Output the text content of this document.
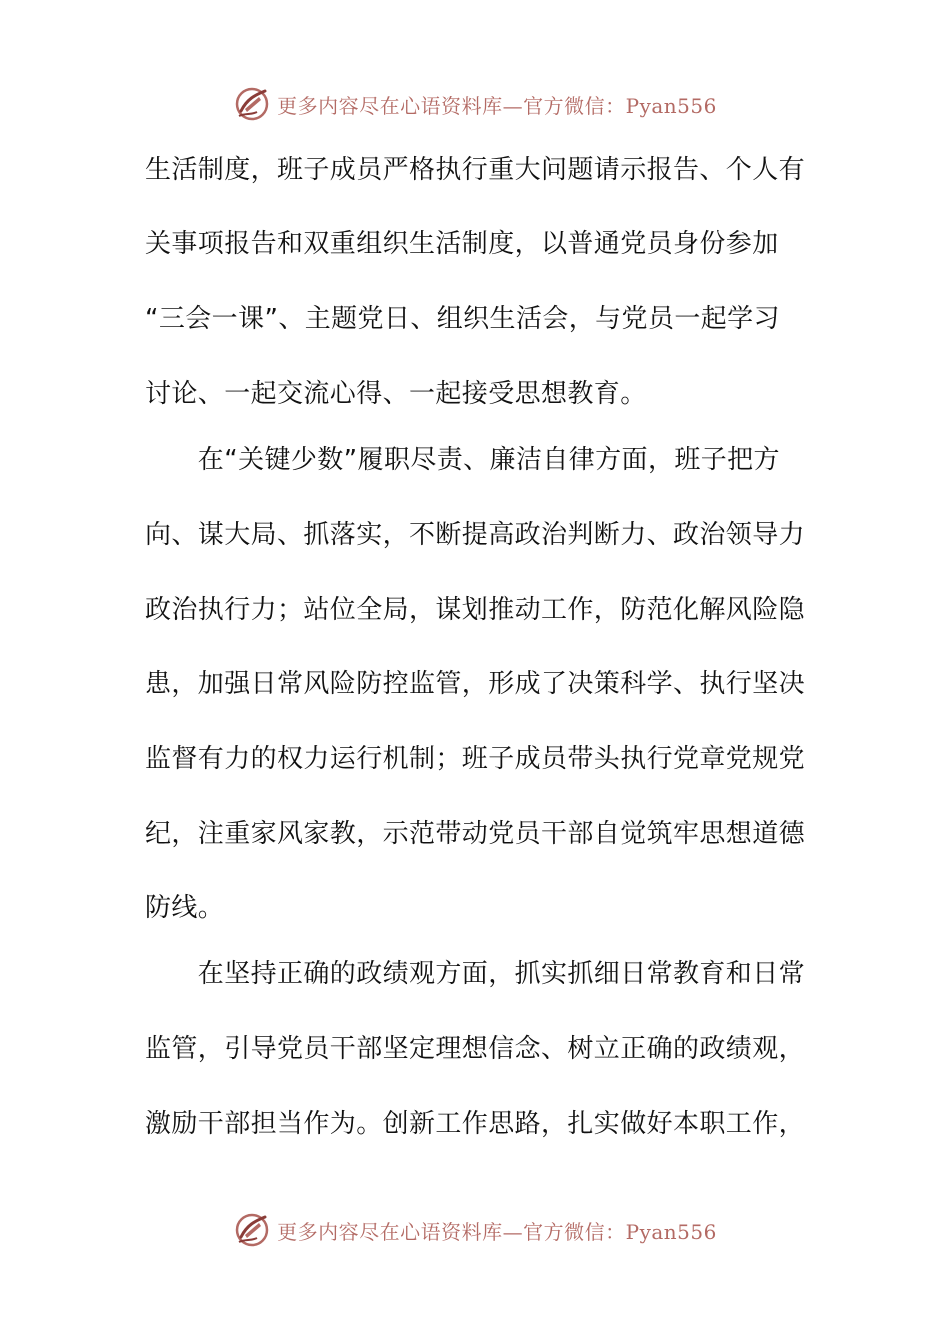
更多内容尽在心语资料库—官方微信：Pyan556
生活制度，班子成员严格执行重大问题请示报告、个人有
关事项报告和双重组织生活制度，以普通党员身份参加
“三会一课”、主题党日、组织生活会，与党员一起学习
讨论、一起交流心得、一起接受思想教育。
　　在“关键少数”履职尽责、廉洁自律方面，班子把方
向、谋大局、抓落实，不断提高政治判断力、政治领导力
政治执行力；站位全局，谋划推动工作，防范化解风险隐
患，加强日常风险防控监管，形成了决策科学、执行坚决
监督有力的权力运行机制；班子成员带头执行党章党规党
纪，注重家风家教，示范带动党员干部自觉筑牢思想道德
防线。
　　在坚持正确的政绩观方面，抓实抓细日常教育和日常
监管，引导党员干部坚定理想信念、树立正确的政绩观，
激励干部担当作为。创新工作思路，扎实做好本职工作，
更多内容尽在心语资料库—官方微信：Pyan556
